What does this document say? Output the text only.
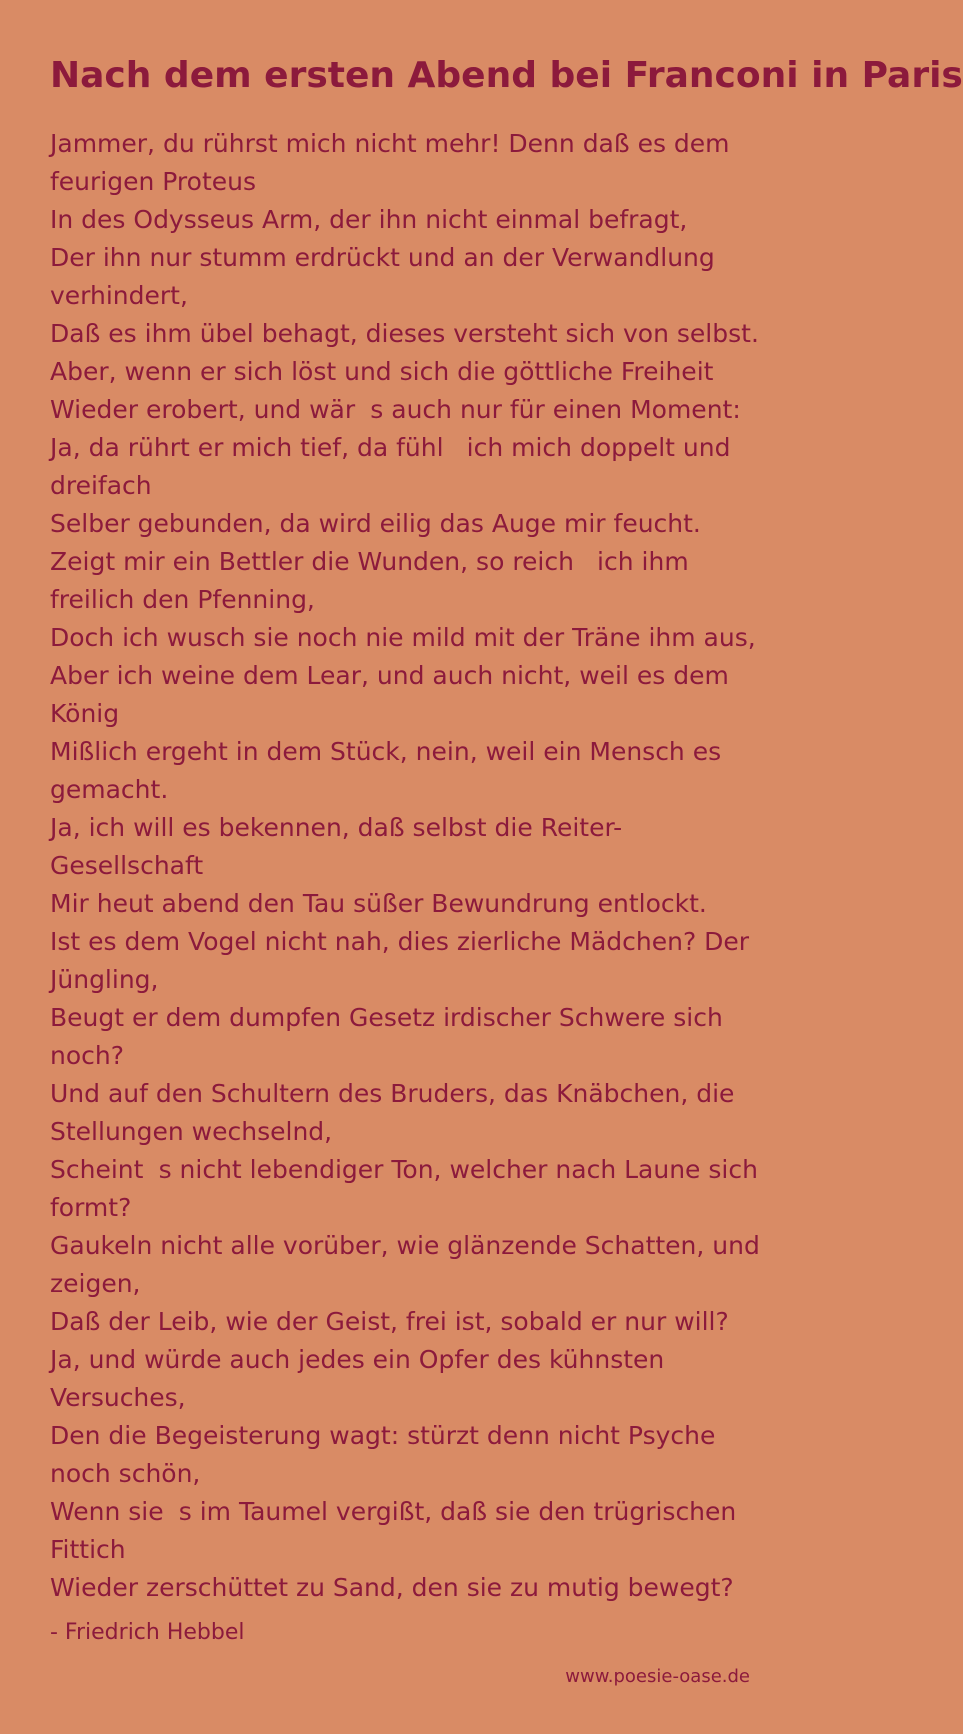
Nach dem ersten Abend bei Franconi in Paris
Jammer, du rührst mich nicht mehr! Denn daß es dem feurigen Proteus
In des Odysseus Arm, der ihn nicht einmal befragt,
Der ihn nur stumm erdrückt und an der Verwandlung verhindert,
Daß es ihm übel behagt, dieses versteht sich von selbst.
Aber, wenn er sich löst und sich die göttliche Freiheit
Wieder erobert, und wärs auch nur für einen Moment:
Ja, da rührt er mich tief, da fühl ich mich doppelt und dreifach
Selber gebunden, da wird eilig das Auge mir feucht.
Zeigt mir ein Bettler die Wunden, so reich ich ihm freilich den Pfenning,
Doch ich wusch sie noch nie mild mit der Träne ihm aus,
Aber ich weine dem Lear, und auch nicht, weil es dem König
Mißlich ergeht in dem Stück, nein, weil ein Mensch es gemacht.
Ja, ich will es bekennen, daß selbst die Reiter-Gesellschaft
Mir heut abend den Tau süßer Bewundrung entlockt.
Ist es dem Vogel nicht nah, dies zierliche Mädchen? Der Jüngling,
Beugt er dem dumpfen Gesetz irdischer Schwere sich noch?
Und auf den Schultern des Bruders, das Knäbchen, die Stellungen wechselnd,
Scheints nicht lebendiger Ton, welcher nach Laune sich formt?
Gaukeln nicht alle vorüber, wie glänzende Schatten, und zeigen,
Daß der Leib, wie der Geist, frei ist, sobald er nur will?
Ja, und würde auch jedes ein Opfer des kühnsten Versuches,
Den die Begeisterung wagt: stürzt denn nicht Psyche noch schön,
Wenn sies im Taumel vergißt, daß sie den trügrischen Fittich
Wieder zerschüttet zu Sand, den sie zu mutig bewegt?
- Friedrich Hebbel
www.poesie-oase.de
